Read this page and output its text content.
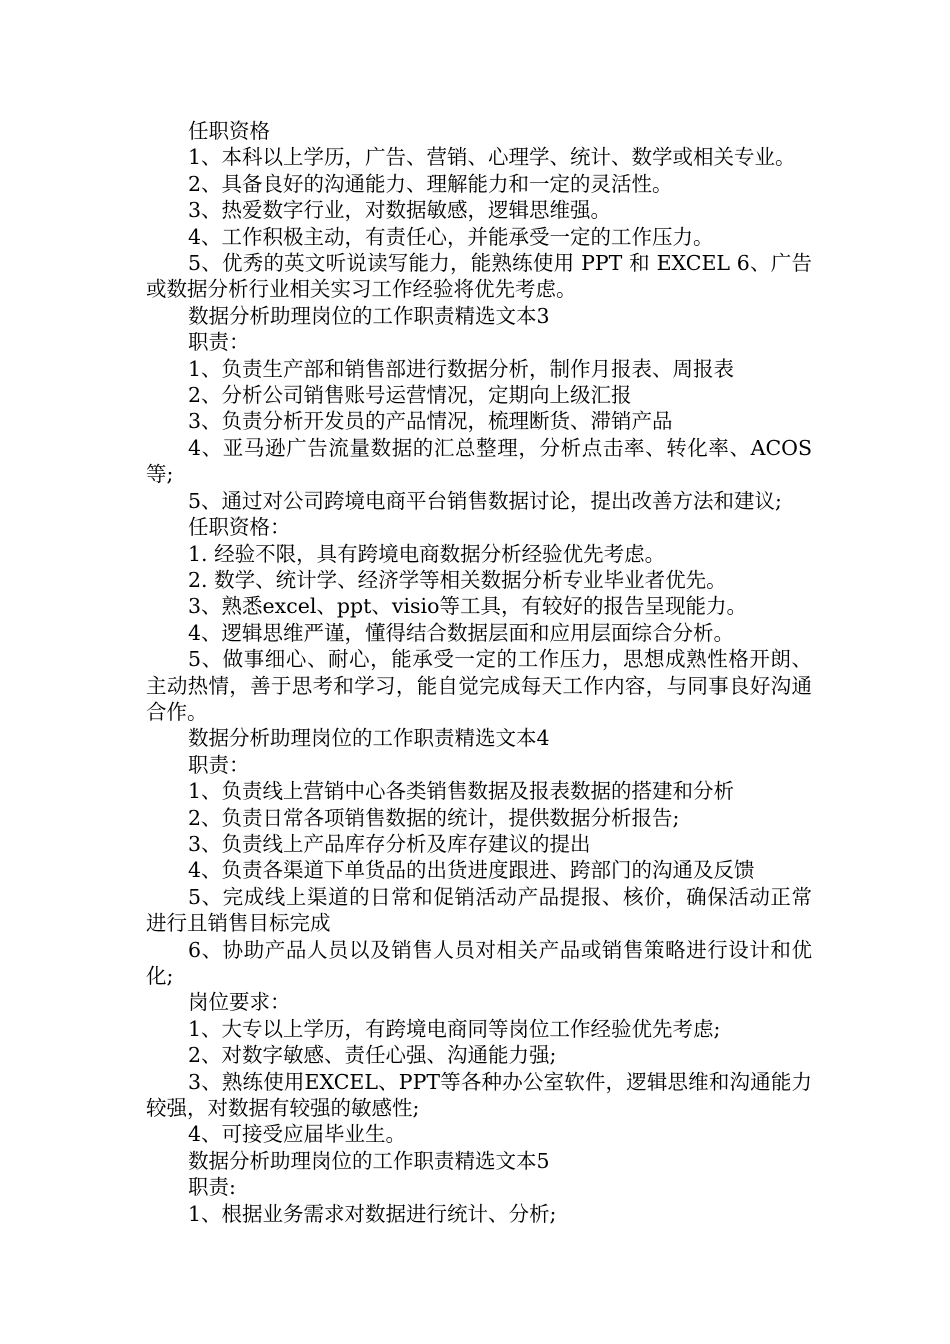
任职资格

1、本科以上学历，广告、营销、心理学、统计、数学或相关专业。

2、具备良好的沟通能力、理解能力和一定的灵活性。

3、热爱数字行业，对数据敏感，逻辑思维强。

4、工作积极主动，有责任心，并能承受一定的工作压力。

5、优秀的英文听说读写能力，能熟练使用 PPT 和 EXCEL 6、广告或数据分析行业相关实习工作经验将优先考虑。

数据分析助理岗位的工作职责精选文本3

职责：

1、负责生产部和销售部进行数据分析，制作月报表、周报表

2、分析公司销售账号运营情况，定期向上级汇报

3、负责分析开发员的产品情况，梳理断货、滞销产品

4、亚马逊广告流量数据的汇总整理，分析点击率、转化率、ACOS等;

5、通过对公司跨境电商平台销售数据讨论，提出改善方法和建议;

任职资格：

1. 经验不限，具有跨境电商数据分析经验优先考虑。

2. 数学、统计学、经济学等相关数据分析专业毕业者优先。

3、熟悉excel、ppt、visio等工具，有较好的报告呈现能力。

4、逻辑思维严谨，懂得结合数据层面和应用层面综合分析。

5、做事细心、耐心，能承受一定的工作压力，思想成熟性格开朗、主动热情，善于思考和学习，能自觉完成每天工作内容，与同事良好沟通合作。

数据分析助理岗位的工作职责精选文本4

职责：

1、负责线上营销中心各类销售数据及报表数据的搭建和分析

2、负责日常各项销售数据的统计，提供数据分析报告;

3、负责线上产品库存分析及库存建议的提出

4、负责各渠道下单货品的出货进度跟进、跨部门的沟通及反馈

5、完成线上渠道的日常和促销活动产品提报、核价，确保活动正常进行且销售目标完成

6、协助产品人员以及销售人员对相关产品或销售策略进行设计和优化;

岗位要求：

1、大专以上学历，有跨境电商同等岗位工作经验优先考虑;

2、对数字敏感、责任心强、沟通能力强;

3、熟练使用EXCEL、PPT等各种办公室软件，逻辑思维和沟通能力较强，对数据有较强的敏感性;

4、可接受应届毕业生。

数据分析助理岗位的工作职责精选文本5

职责:

1、根据业务需求对数据进行统计、分析;
